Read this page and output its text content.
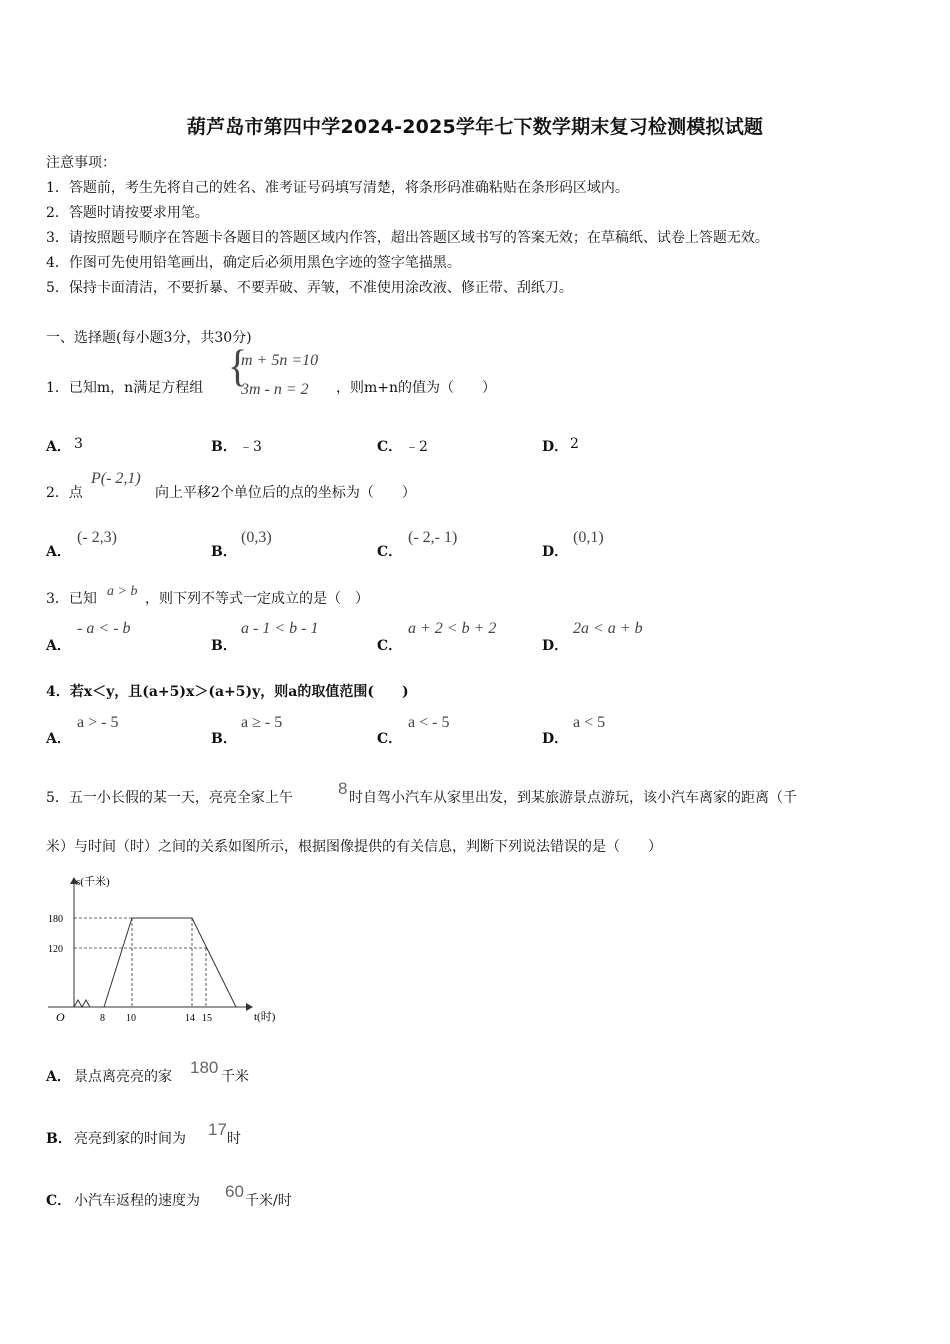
葫芦岛市第四中学2024-2025学年七下数学期末复习检测模拟试题
注意事项：
1．答题前，考生先将自己的姓名、准考证号码填写清楚，将条形码准确粘贴在条形码区域内。
2．答题时请按要求用笔。
3．请按照题号顺序在答题卡各题目的答题区域内作答，超出答题区域书写的答案无效；在草稿纸、试卷上答题无效。
4．作图可先使用铅笔画出，确定后必须用黑色字迹的签字笔描黑。
5．保持卡面清洁，不要折暴、不要弄破、弄皱，不准使用涂改液、修正带、刮纸刀。
一、选择题(每小题3分，共30分)
1．已知m，n满足方程组 {
m + 5n =10
3m - n = 2 ，则m+n的值为（　　）
A． 3	B． ﹣3	C． ﹣2	D． 2
2．点
P(- 2,1)
向上平移2个单位后的点的坐标为（　　）
A．
(- 2,3)
B．
(0,3)
C．
(- 2,- 1)
D．
(0,1)
3．已知 a > b ，则下列不等式一定成立的是（　）
A．
- a < - b
B．
a - 1 < b - 1
C．
a + 2 < b + 2
D．
2a < a + b
4．若x＜y，且(a+5)x＞(a+5)y，则a的取值范围(　　)
A．
a > - 5
B．
a ≥ - 5
C．
a < - 5
D．
a < 5
5．五一小长假的某一天，亮亮全家上午	8 时自驾小汽车从家里出发，到某旅游景点游玩，该小汽车离家的距离（千
米）与时间（时）之间的关系如图所示，根据图像提供的有关信息，判断下列说法错误的是（　　）
s(千米)
t(时)
O
180
120
8 10	14 15
A． 景点离亮亮的家 180 千米
B． 亮亮到家的时间为 17 时
C． 小汽车返程的速度为 60 千米/时
